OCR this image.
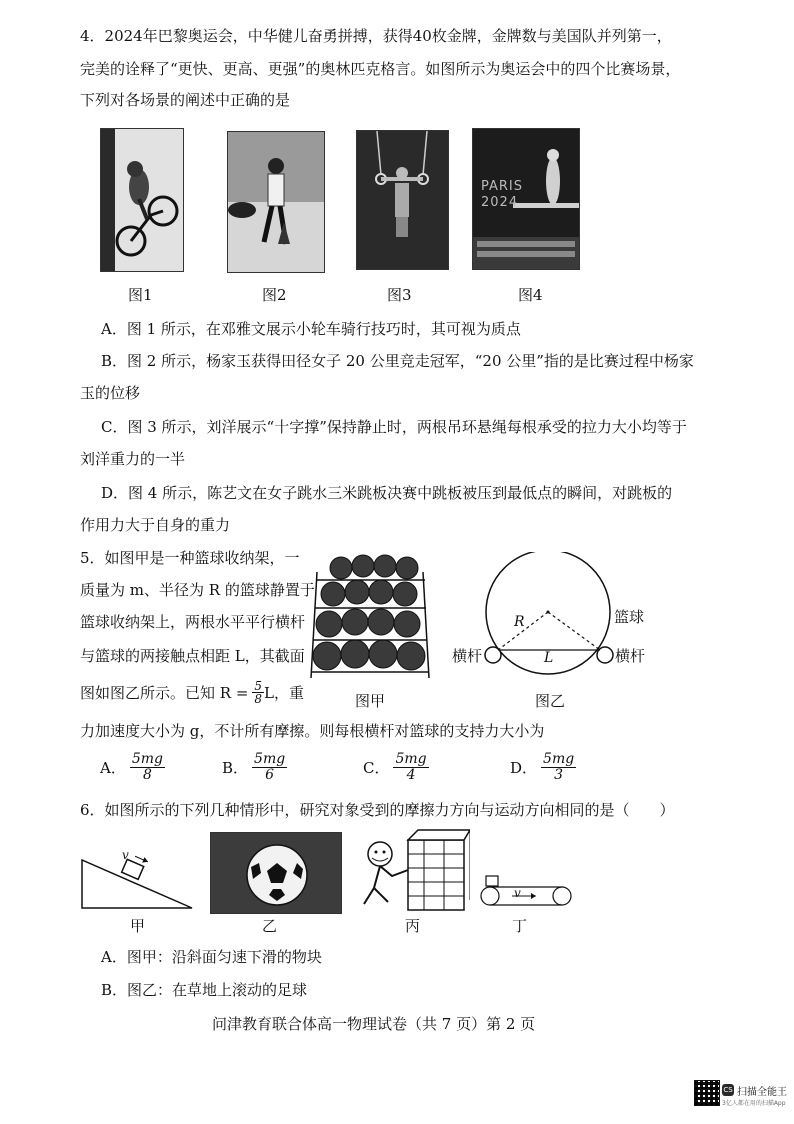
4．2024年巴黎奥运会，中华健儿奋勇拼搏，获得40枚金牌，金牌数与美国队并列第一，
完美的诠释了“更快、更高、更强”的奥林匹克格言。如图所示为奥运会中的四个比赛场景，
下列对各场景的阐述中正确的是
PARIS
2024
图1	图2	图3	图4
A．图 1 所示，在邓雅文展示小轮车骑行技巧时，其可视为质点
B．图 2 所示，杨家玉获得田径女子 20 公里竞走冠军，“20 公里”指的是比赛过程中杨家
玉的位移
C．图 3 所示，刘洋展示“十字撑”保持静止时，两根吊环悬绳每根承受的拉力大小均等于
刘洋重力的一半
D．图 4 所示，陈艺文在女子跳水三米跳板决赛中跳板被压到最低点的瞬间，对跳板的
作用力大于自身的重力
5．如图甲是一种篮球收纳架，一
质量为 m、半径为 R 的篮球静置于
篮球收纳架上，两根水平平行横杆
与篮球的两接触点相距 L，其截面
图如图乙所示。已知 $R = \frac{5}{8}$ L，重
力加速度大小为 g，不计所有摩擦。则每根横杆对篮球的支持力大小为
图甲
R
L
篮球
横杆	横杆
图乙
A． $\frac{5mg}{8}$	B． $\frac{5mg}{6}$	C． $\frac{5mg}{4}$	D． $\frac{5mg}{3}$
6．如图所示的下列几种情形中，研究对象受到的摩擦力方向与运动方向相同的是（　　）
v
甲	乙	丙
v
丁
A．图甲：沿斜面匀速下滑的物块
B．图乙：在草地上滚动的足球
问津教育联合体高一物理试卷（共 7 页）第 2 页
CS 扫描全能王
3亿人都在用的扫描App
